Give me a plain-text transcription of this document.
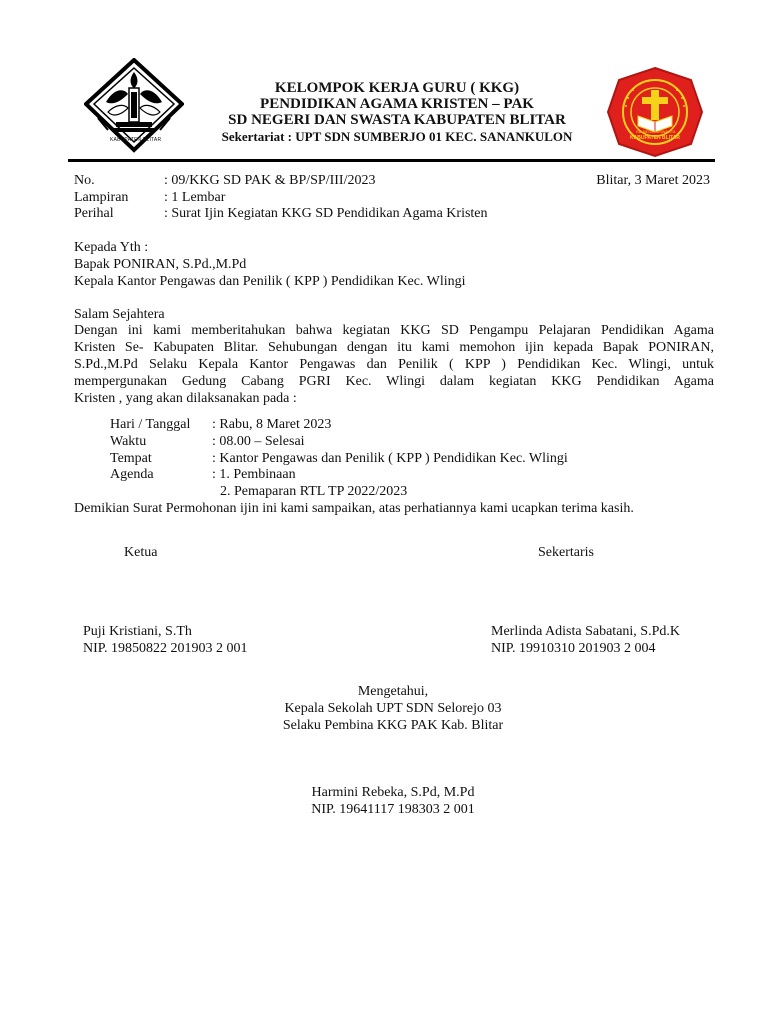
KABUPATEN BLITAR
SD NEGERI/SWASTA
KABUPATEN BLITAR
KELOMPOK KERJA GURU ( KKG)
PENDIDIKAN AGAMA KRISTEN – PAK
SD NEGERI DAN SWASTA KABUPATEN BLITAR
Sekertariat : UPT SDN SUMBERJO 01 KEC. SANANKULON
No.	: 09/KKG SD PAK & BP/SP/III/2023	Blitar, 3 Maret 2023
Lampiran	: 1 Lembar
Perihal	: Surat Ijin Kegiatan KKG SD Pendidikan Agama Kristen
Kepada Yth :
Bapak PONIRAN, S.Pd.,M.Pd
Kepala Kantor Pengawas dan Penilik ( KPP ) Pendidikan Kec. Wlingi
Salam Sejahtera
Dengan ini kami memberitahukan bahwa kegiatan KKG SD Pengampu Pelajaran Pendidikan Agama
Kristen Se- Kabupaten Blitar. Sehubungan dengan itu kami memohon ijin kepada Bapak PONIRAN,
S.Pd.,M.Pd Selaku Kepala Kantor Pengawas dan Penilik ( KPP ) Pendidikan Kec. Wlingi, untuk
mempergunakan Gedung Cabang PGRI Kec. Wlingi dalam kegiatan KKG Pendidikan Agama
Kristen , yang akan dilaksanakan pada :
Hari / Tanggal : Rabu, 8 Maret 2023
Waktu	: 08.00 – Selesai
Tempat	: Kantor Pengawas dan Penilik ( KPP ) Pendidikan Kec. Wlingi
Agenda	: 1. Pembinaan
2. Pemaparan RTL TP 2022/2023
Demikian Surat Permohonan ijin ini kami sampaikan, atas perhatiannya kami ucapkan terima kasih.
Ketua	Sekertaris
Puji Kristiani, S.Th
NIP. 19850822 201903 2 001
Merlinda Adista Sabatani, S.Pd.K
NIP. 19910310 201903 2 004
Mengetahui,
Kepala Sekolah UPT SDN Selorejo 03
Selaku Pembina KKG PAK Kab. Blitar
Harmini Rebeka, S.Pd, M.Pd
NIP. 19641117 198303 2 001
